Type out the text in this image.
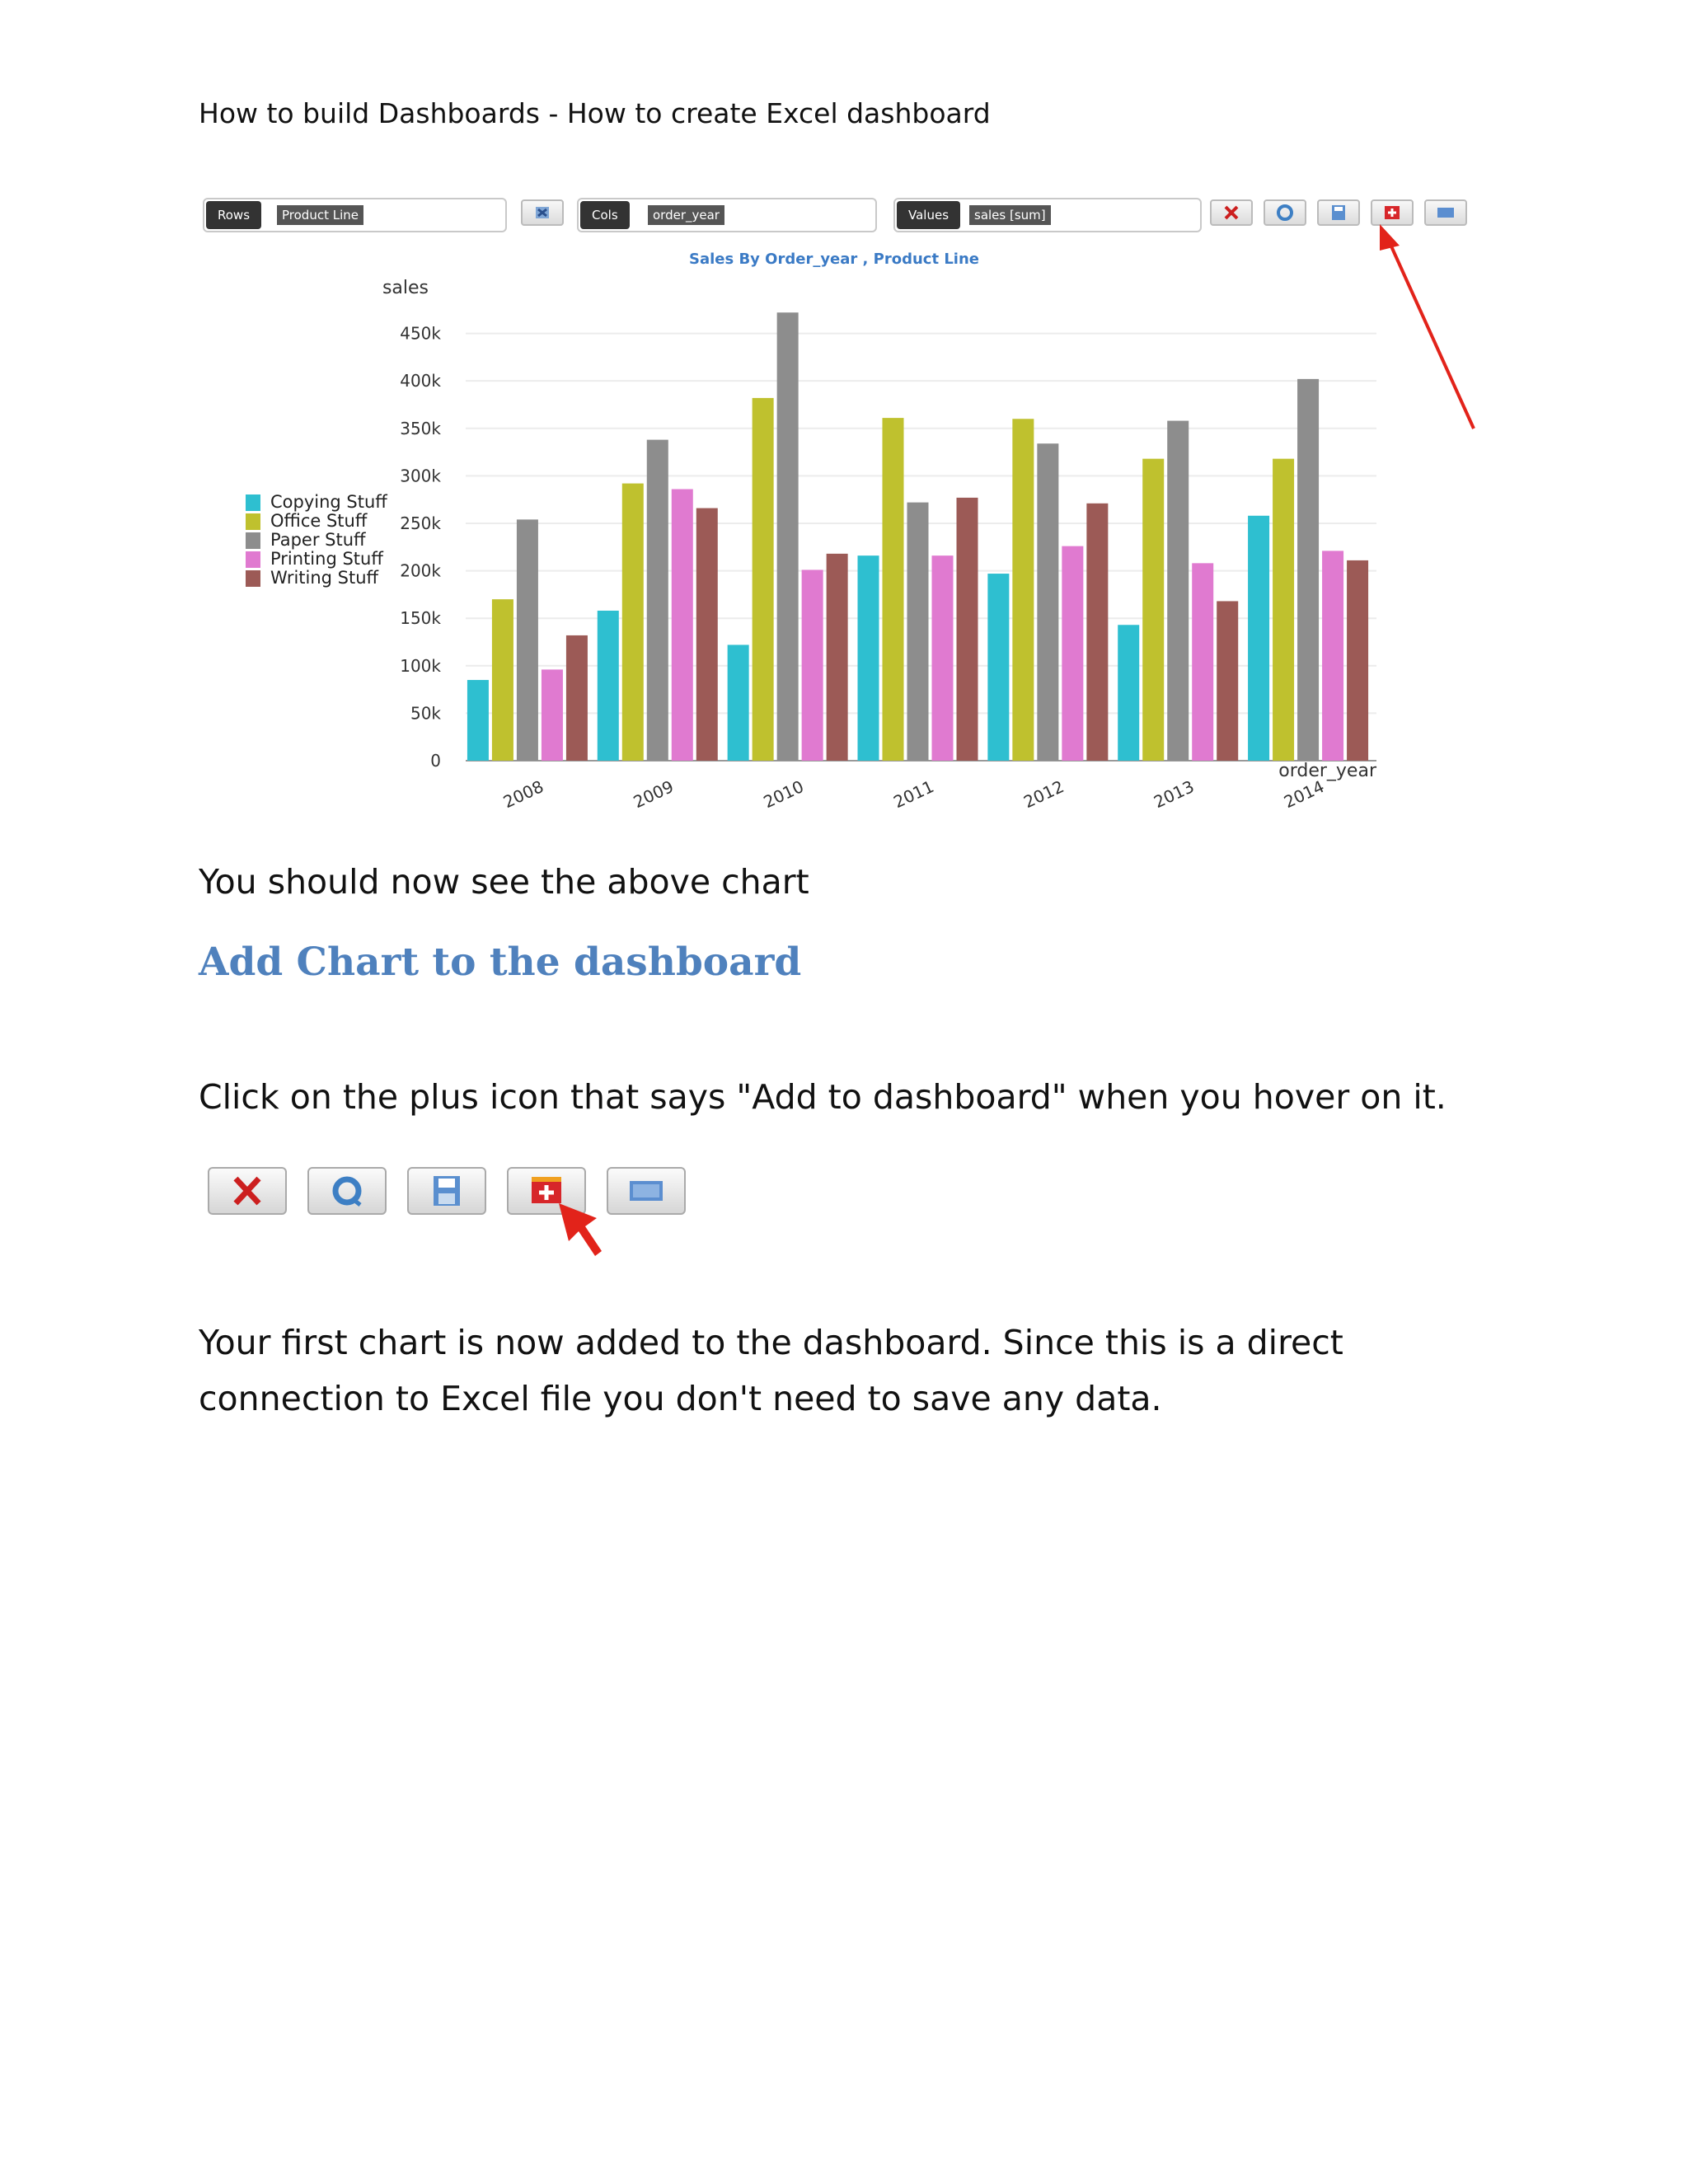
How to build Dashboards - How to create Excel dashboard
Rows	Product Line	Cols	order_year	Values	sales [sum]
Sales By Order_year , Product Line
sales
order_year
0
50k
100k
150k
200k
250k
300k
350k
400k
450k
2008	2009	2010	2011	2012	2013	2014
Copying Stuff
Office Stuff
Paper Stuff
Printing Stuff
Writing Stuff
You should now see the above chart
Add Chart to the dashboard
Click on the plus icon that says "Add to dashboard" when you hover on it.
Your first chart is now added to the dashboard. Since this is a direct connection to Excel file you don't need to save any data.
